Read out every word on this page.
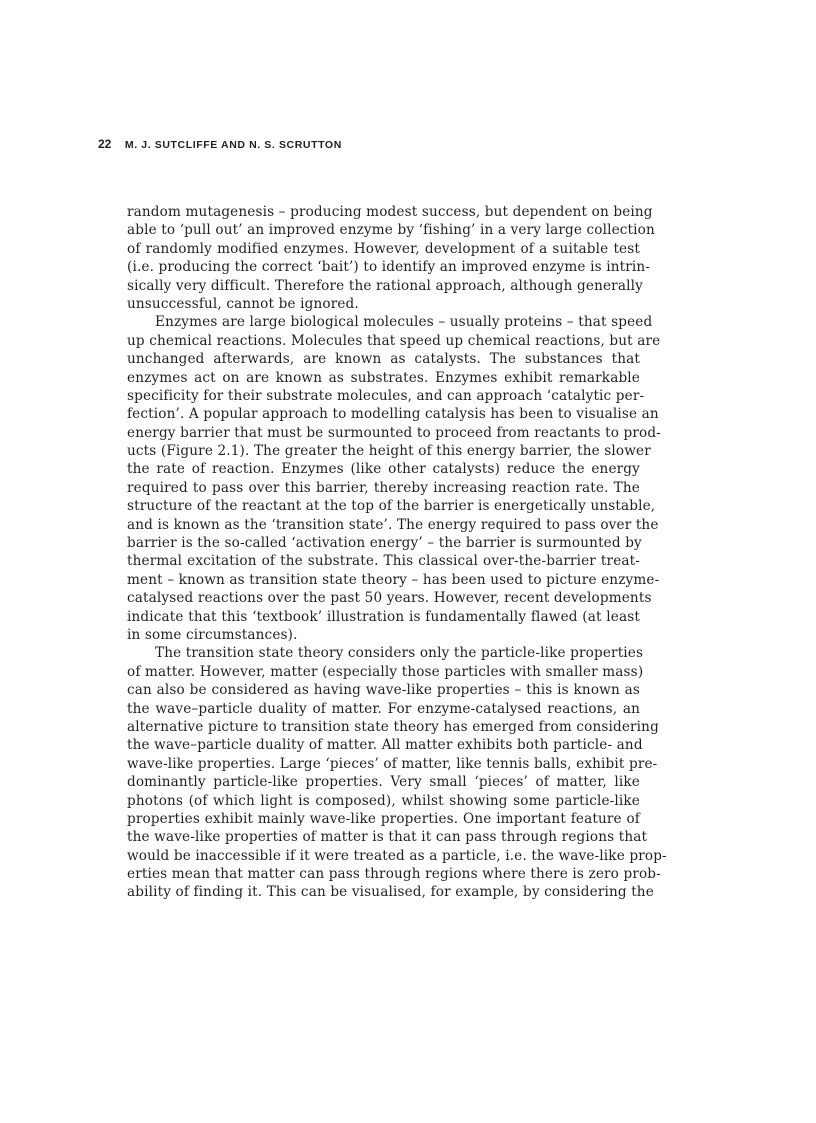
22 M. J. SUTCLIFFE AND N. S. SCRUTTON
random mutagenesis – producing modest success, but dependent on being
able to ‘pull out’ an improved enzyme by ‘fishing’ in a very large collection
of randomly modified enzymes. However, development of a suitable test
(i.e. producing the correct ‘bait’) to identify an improved enzyme is intrin-
sically very difficult. Therefore the rational approach, although generally
unsuccessful, cannot be ignored.
Enzymes are large biological molecules – usually proteins – that speed
up chemical reactions. Molecules that speed up chemical reactions, but are
unchanged afterwards, are known as catalysts. The substances that
enzymes act on are known as substrates. Enzymes exhibit remarkable
specificity for their substrate molecules, and can approach ‘catalytic per-
fection’. A popular approach to modelling catalysis has been to visualise an
energy barrier that must be surmounted to proceed from reactants to prod-
ucts (Figure 2.1). The greater the height of this energy barrier, the slower
the rate of reaction. Enzymes (like other catalysts) reduce the energy
required to pass over this barrier, thereby increasing reaction rate. The
structure of the reactant at the top of the barrier is energetically unstable,
and is known as the ‘transition state’. The energy required to pass over the
barrier is the so-called ‘activation energy’ – the barrier is surmounted by
thermal excitation of the substrate. This classical over-the-barrier treat-
ment – known as transition state theory – has been used to picture enzyme-
catalysed reactions over the past 50 years. However, recent developments
indicate that this ‘textbook’ illustration is fundamentally flawed (at least
in some circumstances).
The transition state theory considers only the particle-like properties
of matter. However, matter (especially those particles with smaller mass)
can also be considered as having wave-like properties – this is known as
the wave–particle duality of matter. For enzyme-catalysed reactions, an
alternative picture to transition state theory has emerged from considering
the wave–particle duality of matter. All matter exhibits both particle- and
wave-like properties. Large ‘pieces’ of matter, like tennis balls, exhibit pre-
dominantly particle-like properties. Very small ‘pieces’ of matter, like
photons (of which light is composed), whilst showing some particle-like
properties exhibit mainly wave-like properties. One important feature of
the wave-like properties of matter is that it can pass through regions that
would be inaccessible if it were treated as a particle, i.e. the wave-like prop-
erties mean that matter can pass through regions where there is zero prob-
ability of finding it. This can be visualised, for example, by considering the
